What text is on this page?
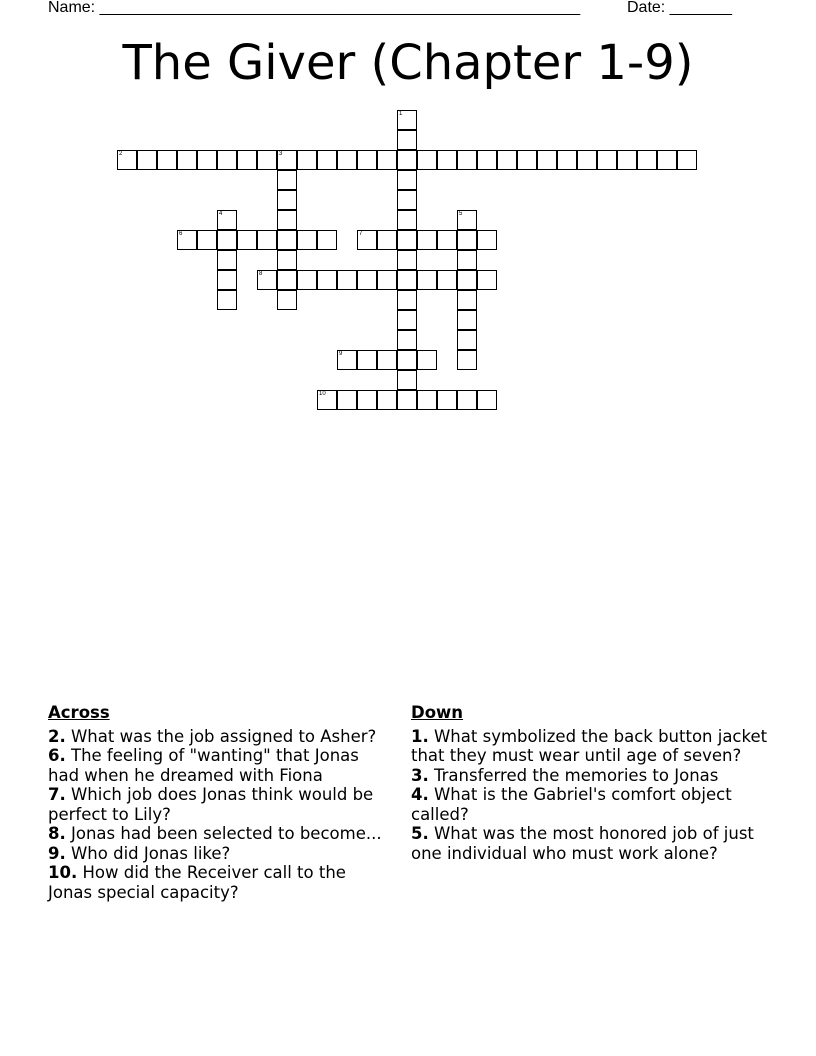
Name: ______________________________________________________	Date: _______
The Giver (Chapter 1-9)
1
2	3
4	5
6	7
8
9
10
Across
2. What was the job assigned to Asher?
6. The feeling of "wanting" that Jonas had when he dreamed with Fiona
7. Which job does Jonas think would be perfect to Lily?
8. Jonas had been selected to become...
9. Who did Jonas like?
10. How did the Receiver call to the Jonas special capacity?
Down
1. What symbolized the back button jacket that they must wear until age of seven?
3. Transferred the memories to Jonas
4. What is the Gabriel's comfort object called?
5. What was the most honored job of just one individual who must work alone?
